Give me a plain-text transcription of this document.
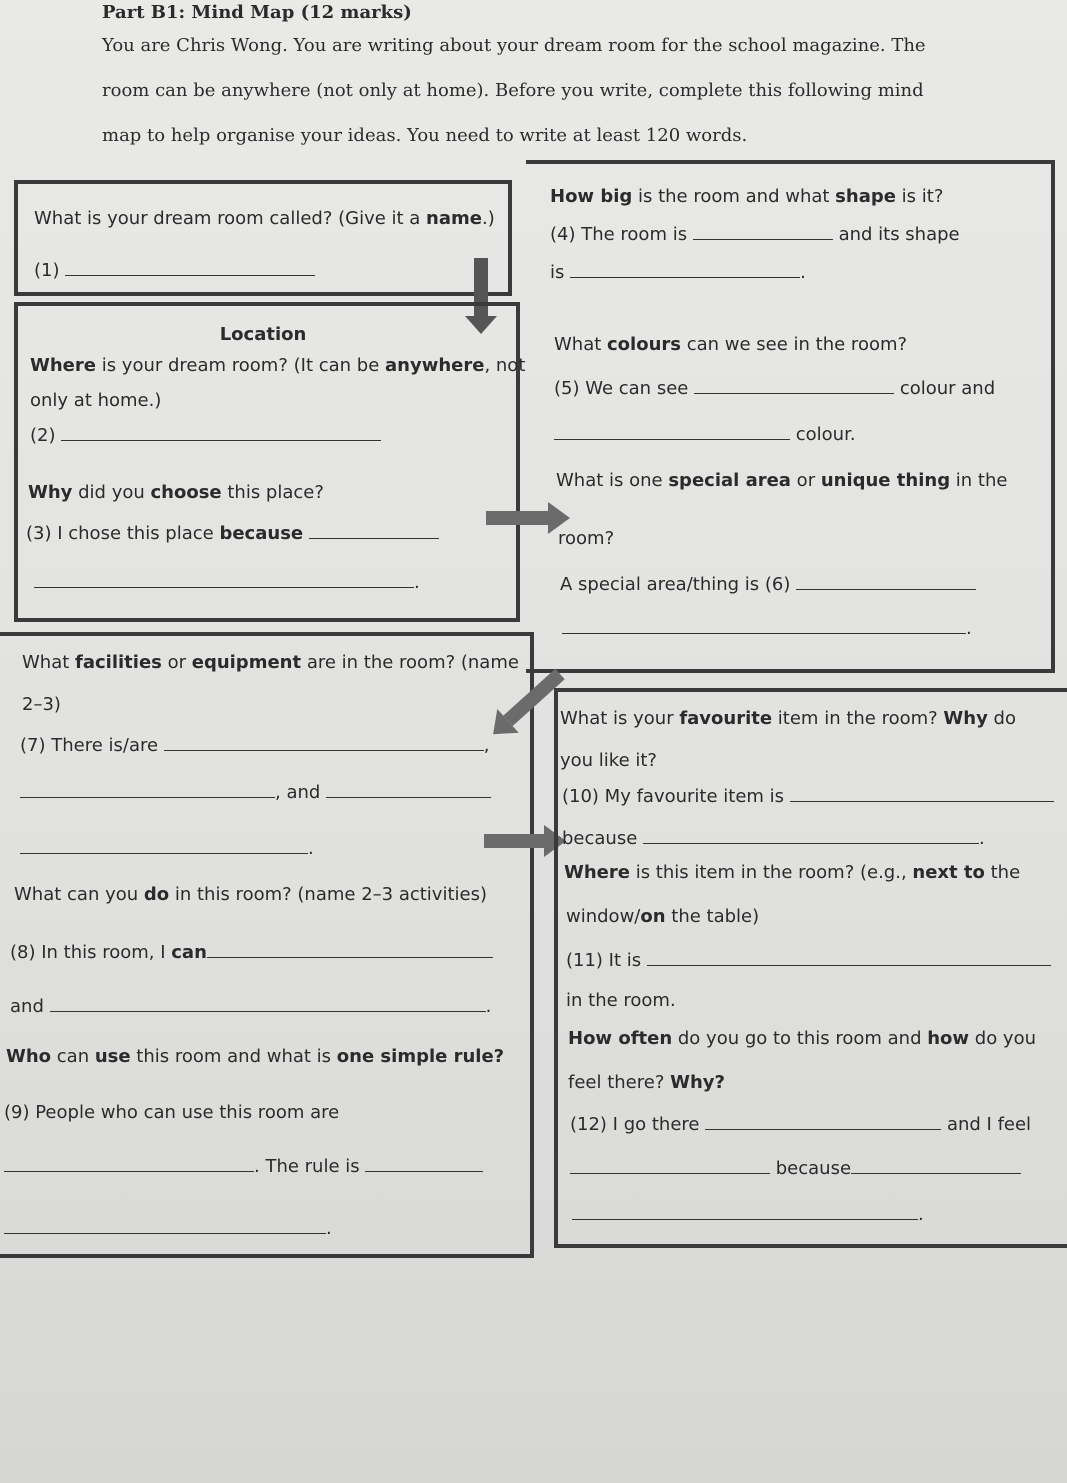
Part B1: Mind Map (12 marks)

You are Chris Wong. You are writing about your dream room for the school magazine. The room can be anywhere (not only at home). Before you write, complete this following mind map to help organise your ideas. You need to write at least 120 words.

What is your dream room called? (Give it a name.)
(1)
Location
Where is your dream room? (It can be anywhere, not
only at home.)
(2)
Why did you choose this place?
(3) I chose this place because
.
How big is the room and what shape is it?
(4) The room is	and its shape
is	.
What colours can we see in the room?
(5) We can see	colour and
colour.
What is one special area or unique thing in the
room?
A special area/thing is (6)
.
What facilities or equipment are in the room? (name
2–3)
(7) There is/are	,
, and
.
What can you do in this room? (name 2–3 activities)
(8) In this room, I can
and	.
Who can use this room and what is one simple rule?
(9) People who can use this room are
. The rule is
.
What is your favourite item in the room? Why do
you like it?
(10) My favourite item is
because	.
Where is this item in the room? (e.g., next to the
window/on the table)
(11) It is
in the room.
How often do you go to this room and how do you
feel there? Why?
(12) I go there	and I feel
because
.
